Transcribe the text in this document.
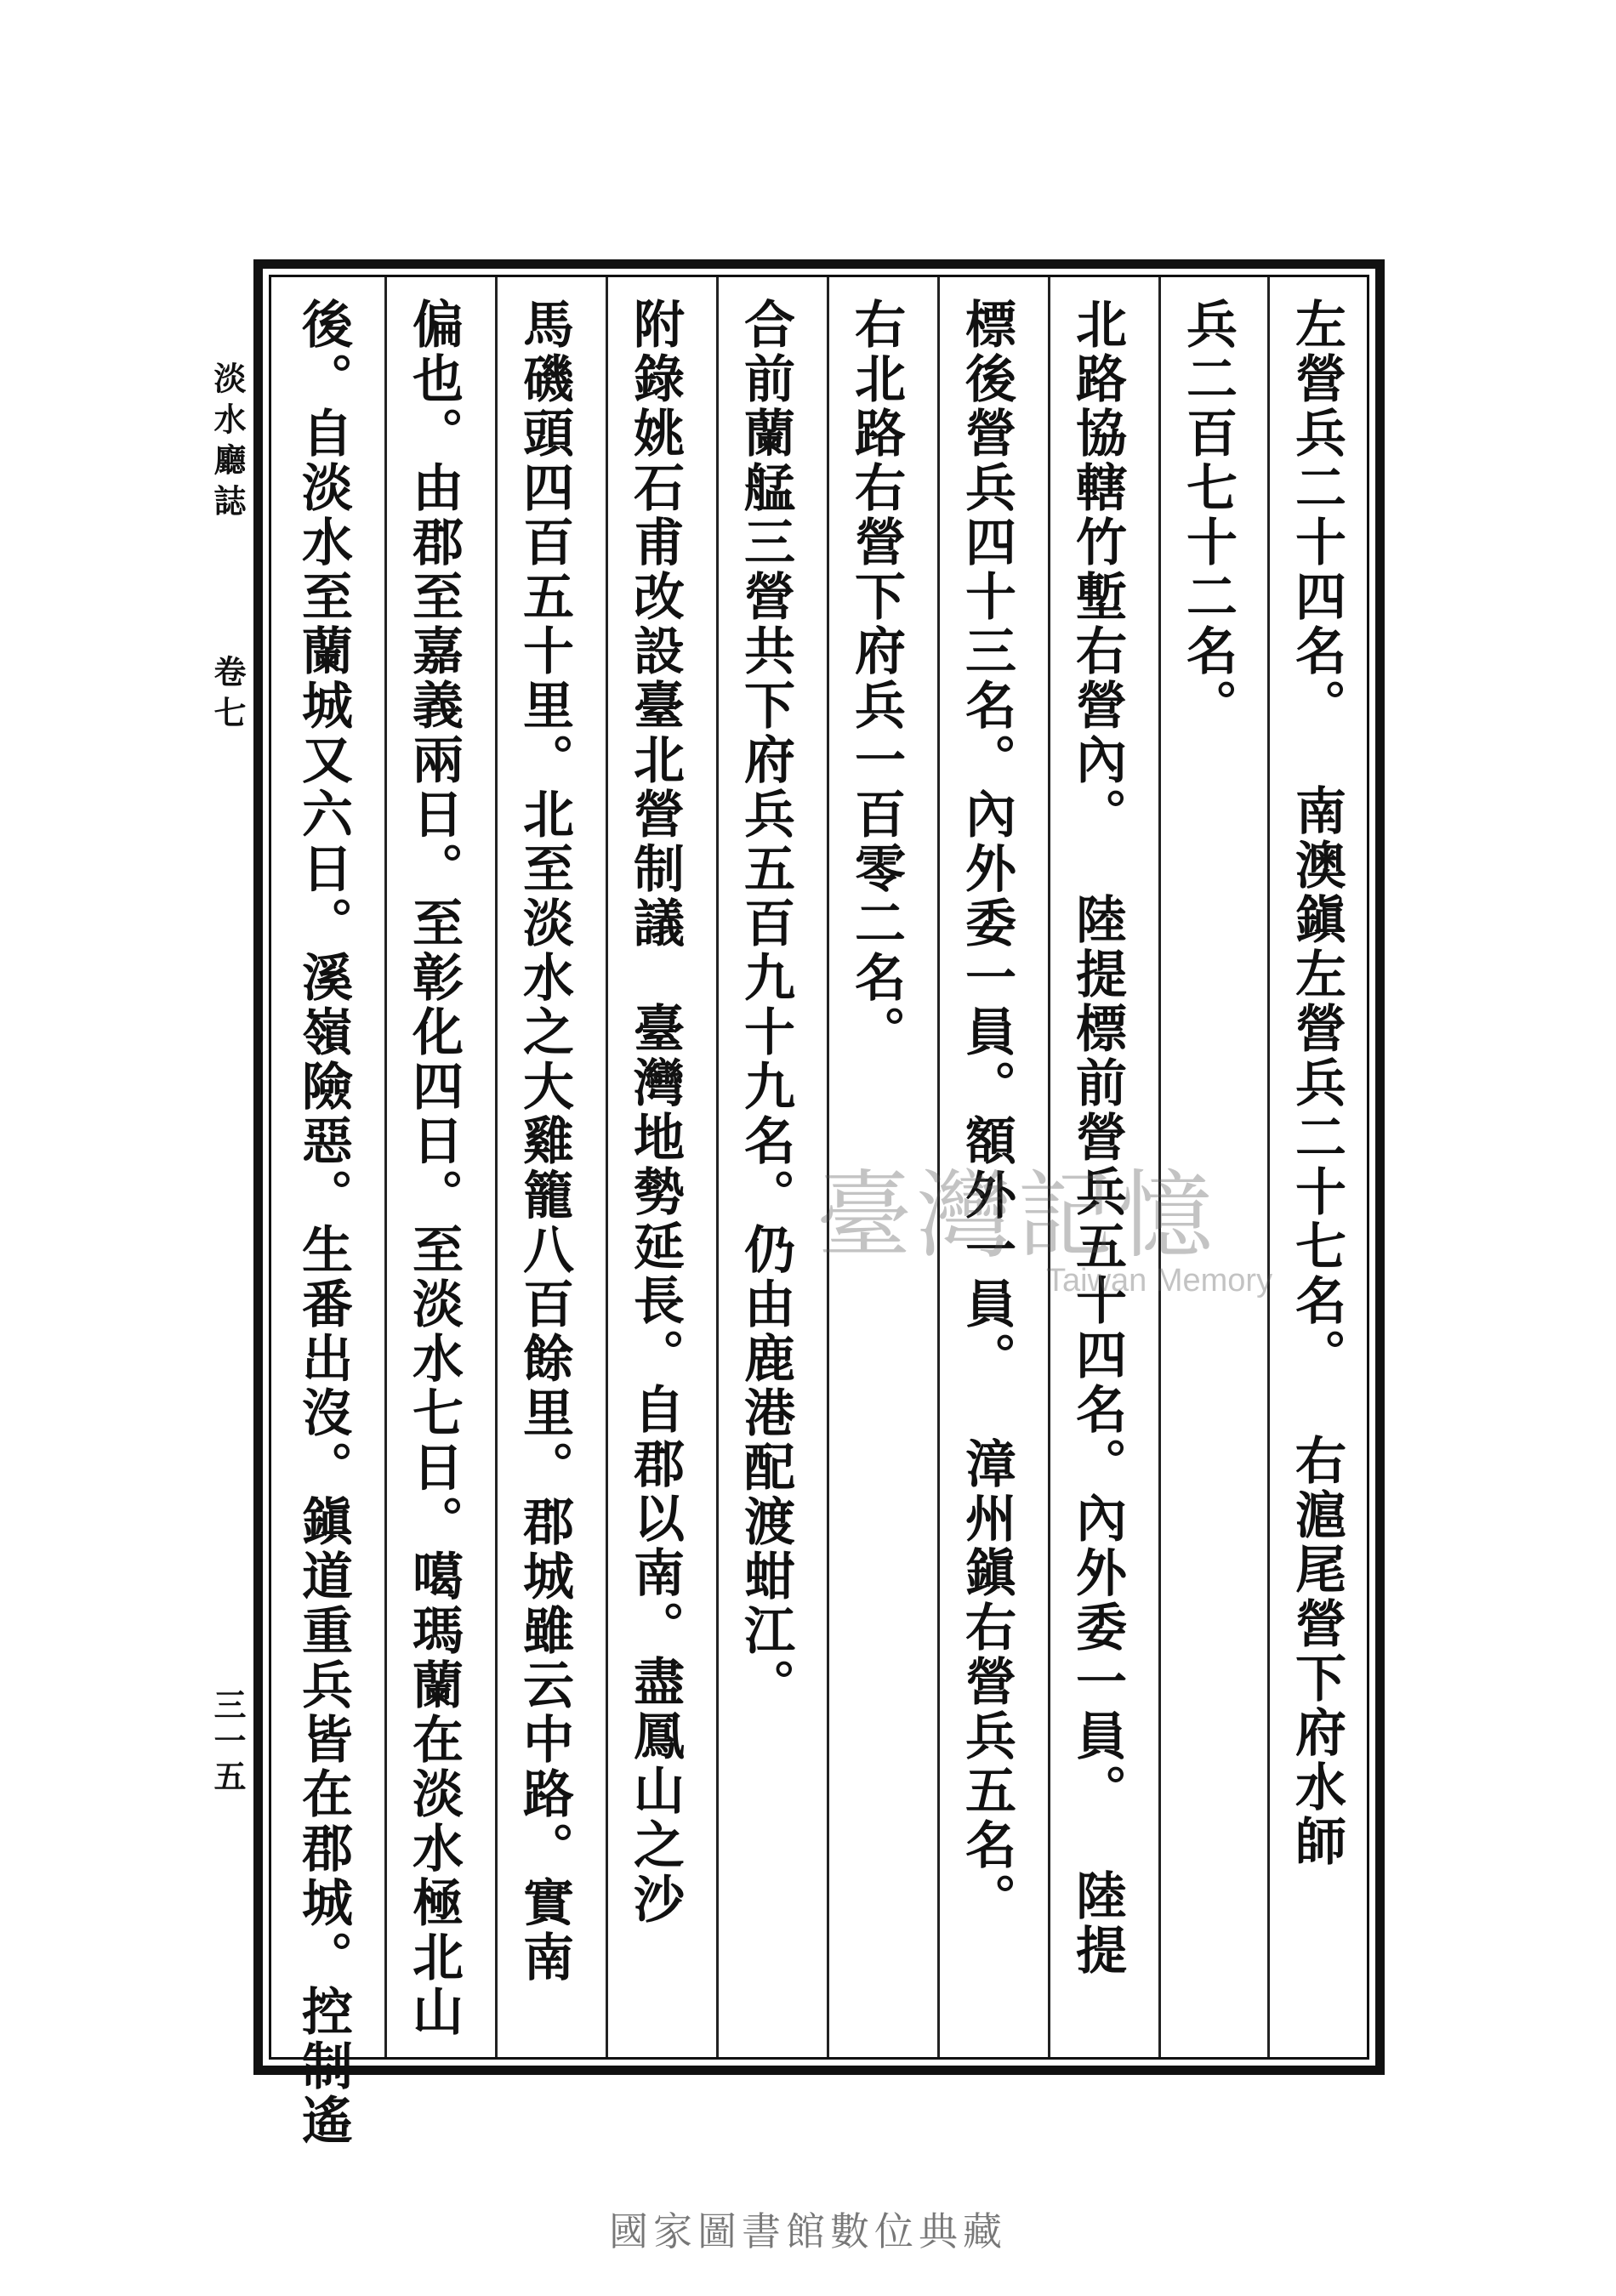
左營兵二十四名。南澳鎭左營兵二十七名。右滬尾營下府水師
兵二百七十二名。
北路協轄竹塹右營內。陸提標前營兵五十四名。內外委一員。陸提
標後營兵四十三名。內外委一員。額外一員。漳州鎭右營兵五名。
右北路右營下府兵一百零二名。
合前蘭艋三營共下府兵五百九十九名。仍由鹿港配渡蚶江。
附錄姚石甫改設臺北營制議臺灣地勢延長。自郡以南。盡鳳山之沙
馬磯頭四百五十里。北至淡水之大雞籠八百餘里。郡城雖云中路。實南
偏也。由郡至嘉義兩日。至彰化四日。至淡水七日。噶瑪蘭在淡水極北山
後。自淡水至蘭城又六日。溪嶺險惡。生番出沒。鎭道重兵皆在郡城。控制遙
淡水廳誌
卷七
三一五
臺灣記憶
Taiwan Memory
國家圖書館數位典藏
